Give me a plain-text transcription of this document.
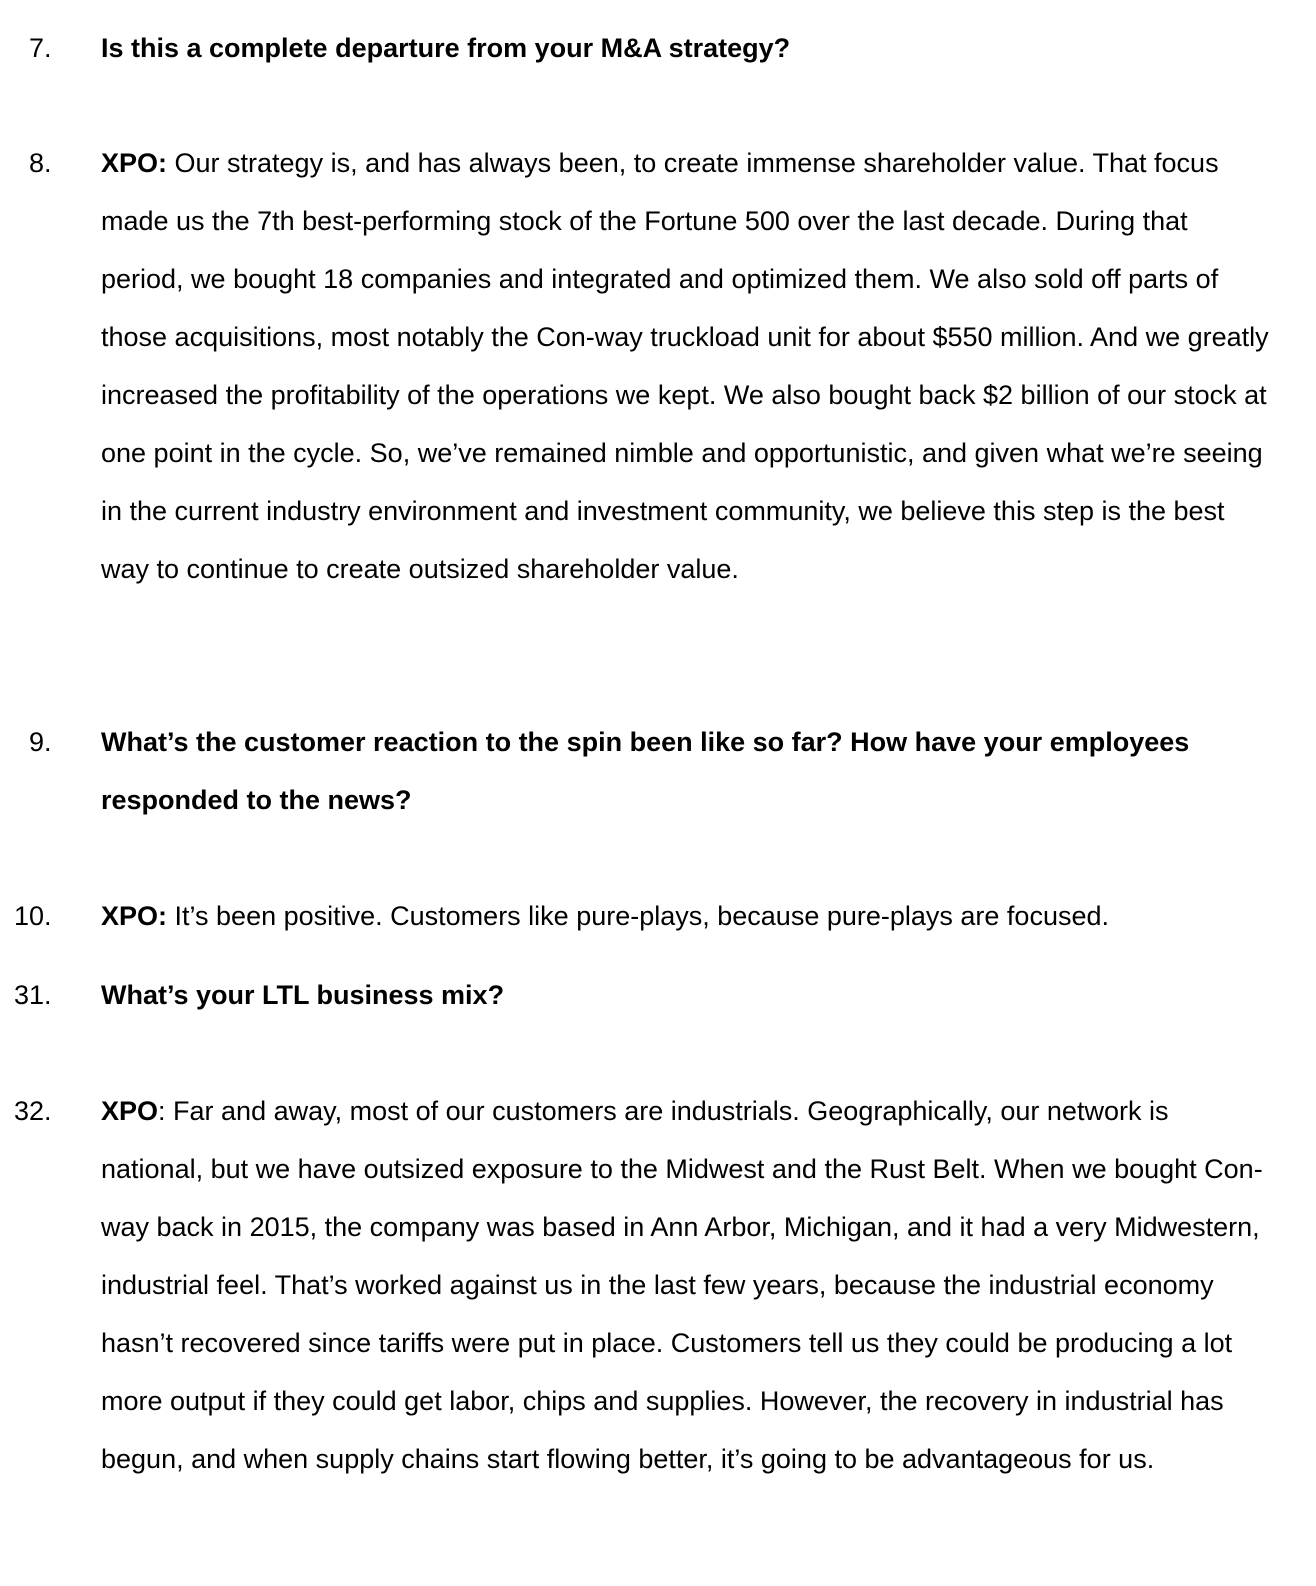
7. Is this a complete departure from your M&A strategy?
8. XPO: Our strategy is, and has always been, to create immense shareholder value. That focus made us the 7th best-performing stock of the Fortune 500 over the last decade. During that period, we bought 18 companies and integrated and optimized them. We also sold off parts of those acquisitions, most notably the Con-way truckload unit for about $550 million. And we greatly increased the profitability of the operations we kept. We also bought back $2 billion of our stock at one point in the cycle. So, we’ve remained nimble and opportunistic, and given what we’re seeing in the current industry environment and investment community, we believe this step is the best way to continue to create outsized shareholder value.
9. What’s the customer reaction to the spin been like so far? How have your employees responded to the news?
10. XPO: It’s been positive. Customers like pure-plays, because pure-plays are focused.
31. What’s your LTL business mix?
32. XPO: Far and away, most of our customers are industrials. Geographically, our network is national, but we have outsized exposure to the Midwest and the Rust Belt. When we bought Con-way back in 2015, the company was based in Ann Arbor, Michigan, and it had a very Midwestern, industrial feel. That’s worked against us in the last few years, because the industrial economy hasn’t recovered since tariffs were put in place. Customers tell us they could be producing a lot more output if they could get labor, chips and supplies. However, the recovery in industrial has begun, and when supply chains start flowing better, it’s going to be advantageous for us.
